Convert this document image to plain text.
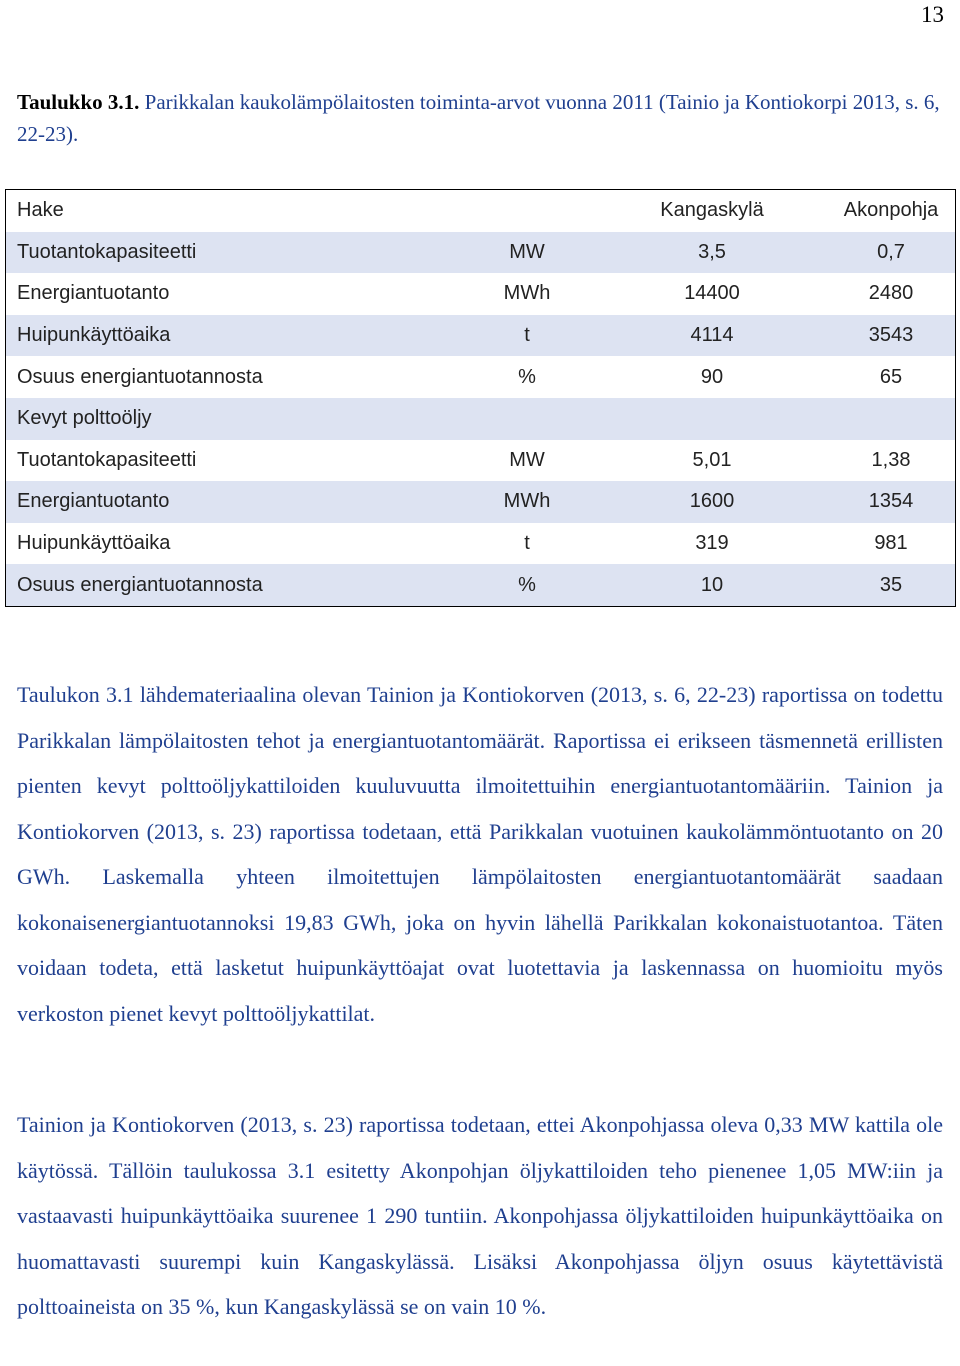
13
Taulukko 3.1. Parikkalan kaukolämpölaitosten toiminta-arvot vuonna 2011 (Tainio ja Kontiokorpi 2013, s. 6, 22-23).
Hake		Kangaskylä	Akonpohja
Tuotantokapasiteetti	MW	3,5	0,7
Energiantuotanto	MWh	14400	2480
Huipunkäyttöaika	t	4114	3543
Osuus energiantuotannosta	%	90	65
Kevyt polttoöljy			
Tuotantokapasiteetti	MW	5,01	1,38
Energiantuotanto	MWh	1600	1354
Huipunkäyttöaika	t	319	981
Osuus energiantuotannosta	%	10	35

Taulukon 3.1 lähdemateriaalina olevan Tainion ja Kontiokorven (2013, s. 6, 22-23) raportissa on todettu Parikkalan lämpölaitosten tehot ja energiantuotantomäärät. Raportissa ei erikseen täsmennetä erillisten pienten kevyt polttoöljykattiloiden kuuluvuutta ilmoitettuihin energiantuotantomääriin. Tainion ja Kontiokorven (2013, s. 23) raportissa todetaan, että Parikkalan vuotuinen kaukolämmöntuotanto on 20 GWh. Laskemalla yhteen ilmoitettujen lämpölaitosten energiantuotantomäärät saadaan kokonaisenergiantuotannoksi 19,83 GWh, joka on hyvin lähellä Parikkalan kokonaistuotantoa. Täten voidaan todeta, että lasketut huipunkäyttöajat ovat luotettavia ja laskennassa on huomioitu myös verkoston pienet kevyt polttoöljykattilat.

Tainion ja Kontiokorven (2013, s. 23) raportissa todetaan, ettei Akonpohjassa oleva 0,33 MW kattila ole käytössä. Tällöin taulukossa 3.1 esitetty Akonpohjan öljykattiloiden teho pienenee 1,05 MW:iin ja vastaavasti huipunkäyttöaika suurenee 1 290 tuntiin. Akonpohjassa öljykattiloiden huipunkäyttöaika on huomattavasti suurempi kuin Kangaskylässä. Lisäksi Akonpohjassa öljyn osuus käytettävistä polttoaineista on 35 %, kun Kangaskylässä se on vain 10 %.
